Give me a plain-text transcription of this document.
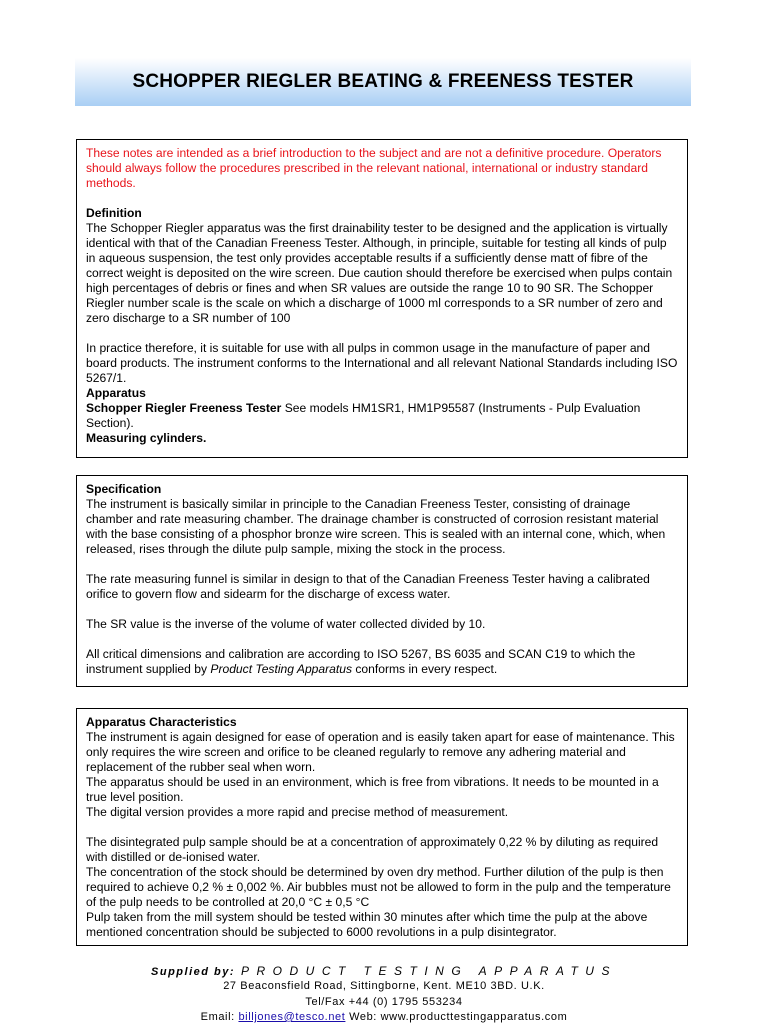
SCHOPPER RIEGLER BEATING & FREENESS TESTER

These notes are intended as a brief introduction to the subject and are not a definitive procedure. Operators should always follow the procedures prescribed in the relevant national, international or industry standard methods.

Definition

The Schopper Riegler apparatus was the first drainability tester to be designed and the application is virtually identical with that of the Canadian Freeness Tester. Although, in principle, suitable for testing all kinds of pulp in aqueous suspension, the test only provides acceptable results if a sufficiently dense matt of fibre of the correct weight is deposited on the wire screen. Due caution should therefore be exercised when pulps contain high percentages of debris or fines and when SR values are outside the range 10 to 90 SR. The Schopper Riegler number scale is the scale on which a discharge of 1000 ml corresponds to a SR number of zero and zero discharge to a SR number of 100

In practice therefore, it is suitable for use with all pulps in common usage in the manufacture of paper and board products. The instrument conforms to the International and all relevant National Standards including ISO 5267/1.

Apparatus

Schopper Riegler Freeness Tester See models HM1SR1, HM1P95587 (Instruments - Pulp Evaluation Section).

Measuring cylinders.

Specification

The instrument is basically similar in principle to the Canadian Freeness Tester, consisting of drainage chamber and rate measuring chamber. The drainage chamber is constructed of corrosion resistant material with the base consisting of a phosphor bronze wire screen. This is sealed with an internal cone, which, when released, rises through the dilute pulp sample, mixing the stock in the process.

The rate measuring funnel is similar in design to that of the Canadian Freeness Tester having a calibrated orifice to govern flow and sidearm for the discharge of excess water.

The SR value is the inverse of the volume of water collected divided by 10.

All critical dimensions and calibration are according to ISO 5267, BS 6035 and SCAN C19 to which the instrument supplied by Product Testing Apparatus conforms in every respect.

Apparatus Characteristics

The instrument is again designed for ease of operation and is easily taken apart for ease of maintenance. This only requires the wire screen and orifice to be cleaned regularly to remove any adhering material and replacement of the rubber seal when worn.

The apparatus should be used in an environment, which is free from vibrations. It needs to be mounted in a true level position.

The digital version provides a more rapid and precise method of measurement.

The disintegrated pulp sample should be at a concentration of approximately 0,22 % by diluting as required with distilled or de-ionised water.

The concentration of the stock should be determined by oven dry method. Further dilution of the pulp is then required to achieve 0,2 % ± 0,002 %. Air bubbles must not be allowed to form in the pulp and the temperature of the pulp needs to be controlled at 20,0 °C ± 0,5 °C

Pulp taken from the mill system should be tested within 30 minutes after which time the pulp at the above mentioned concentration should be subjected to 6000 revolutions in a pulp disintegrator.

Supplied by: PRODUCT TESTING APPARATUS
27 Beaconsfield Road, Sittingborne, Kent. ME10 3BD. U.K.
Tel/Fax +44 (0) 1795 553234
Email: billjones@tesco.net Web: www.producttestingapparatus.com
